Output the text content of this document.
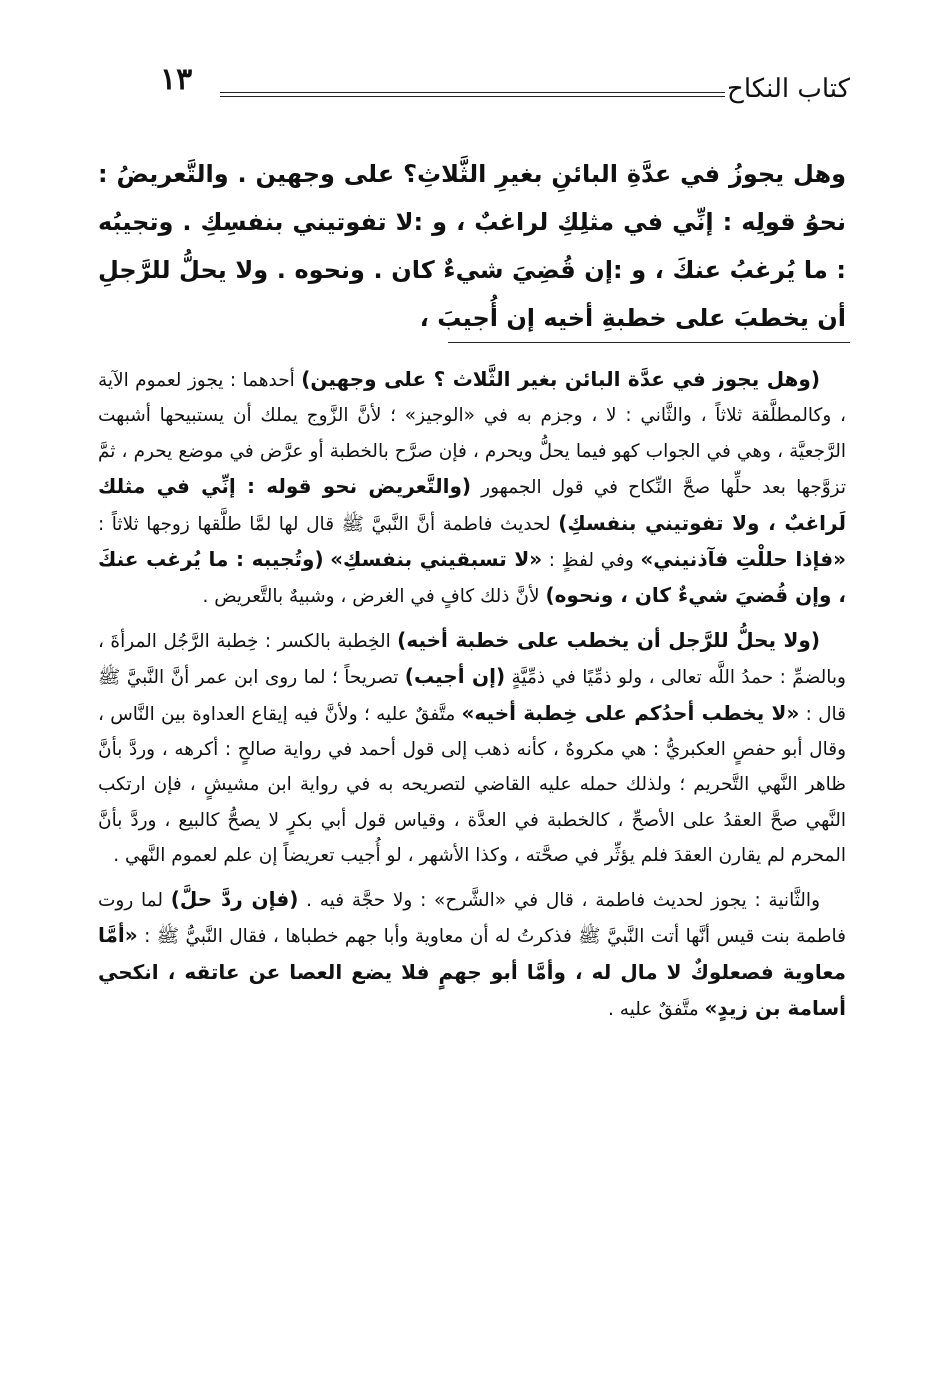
كتاب النكاح
١٣
وهل يجوزُ في عدَّةِ البائنِ بغيرِ الثَّلاثِ؟ على وجهين . والتَّعريضُ : نحوُ قولِه : إنِّي في مثلِكِ لراغبٌ ، و :لا تفوتيني بنفسِكِ . وتجيبُه : ما يُرغبُ عنكَ ، و :إن قُضِيَ شيءٌ كان . ونحوه . ولا يحلُّ للرَّجلِ أن يخطبَ على خطبةِ أخيه إن أُجيبَ ،

(وهل يجوز في عدَّة البائن بغير الثَّلاث ؟ على وجهين) أحدهما : يجوز لعموم الآية ، وكالمطلَّقة ثلاثاً ، والثَّاني : لا ، وجزم به في «الوجيز» ؛ لأنَّ الزَّوج يملك أن يستبيحها أشبهت الرَّجعيَّة ، وهي في الجواب كهو فيما يحلُّ ويحرم ، فإن صرَّح بالخطبة أو عرَّض في موضع يحرم ، ثمَّ تزوَّجها بعد حلِّها صحَّ النِّكاح في قول الجمهور (والتَّعريض نحو قوله : إنِّي في مثلك لَراغبٌ ، ولا تفوتيني بنفسكِ) لحديث فاطمة أنَّ النَّبيَّ ﷺ قال لها لمَّا طلَّقها زوجها ثلاثاً : «فإذا حللْتِ فآذنيني» وفي لفظٍ : «لا تسبقيني بنفسكِ» (وتُجيبه : ما يُرغب عنكَ ، وإن قُضيَ شيءٌ كان ، ونحوه) لأنَّ ذلك كافٍ في الغرض ، وشبيهٌ بالتَّعريض .

(ولا يحلُّ للرَّجل أن يخطب على خطبة أخيه) الخِطبة بالكسر : خِطبة الرَّجُل المرأةَ ، وبالضمِّ : حمدُ اللَّه تعالى ، ولو ذمِّيًا في ذمِّيَّةٍ (إن أجيب) تصريحاً ؛ لما روى ابن عمر أنَّ النَّبيَّ ﷺ قال : «لا يخطب أحدُكم على خِطبة أخيه» متَّفقٌ عليه ؛ ولأنَّ فيه إيقاع العداوة بين النَّاس ، وقال أبو حفصٍ العكبريُّ : هي مكروهٌ ، كأنه ذهب إلى قول أحمد في رواية صالحٍ : أكرهه ، وردَّ بأنَّ ظاهر النَّهي التَّحريم ؛ ولذلك حمله عليه القاضي لتصريحه به في رواية ابن مشيشٍ ، فإن ارتكب النَّهي صحَّ العقدُ على الأصحِّ ، كالخطبة في العدَّة ، وقياس قول أبي بكرٍ لا يصحُّ كالبيع ، وردَّ بأنَّ المحرم لم يقارن العقدَ فلم يؤثِّر في صحَّته ، وكذا الأشهر ، لو أُجيب تعريضاً إن علم لعموم النَّهي .

والثَّانية : يجوز لحديث فاطمة ، قال في «الشَّرح» : ولا حجَّة فيه . (فإن ردَّ حلَّ) لما روت فاطمة بنت قيس أنَّها أتت النَّبيَّ ﷺ فذكرتُ له أن معاوية وأبا جهم خطباها ، فقال النَّبيُّ ﷺ : «أمَّا معاوية فصعلوكٌ لا مال له ، وأمَّا أبو جهمٍ فلا يضع العصا عن عاتقه ، انكحي أسامة بن زيدٍ» متَّفقٌ عليه .
